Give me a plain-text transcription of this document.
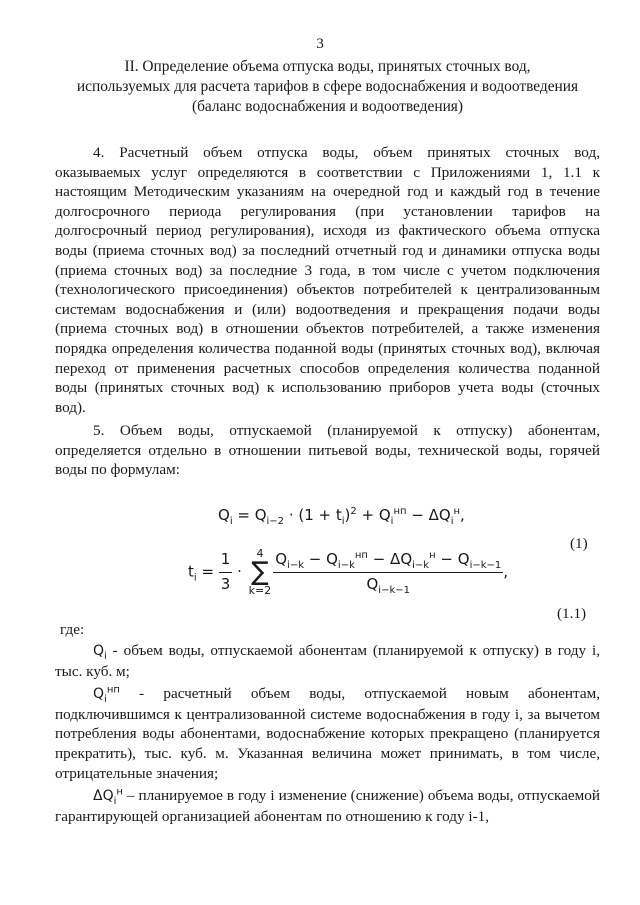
3
II. Определение объема отпуска воды, принятых сточных вод,
используемых для расчета тарифов в сфере водоснабжения и водоотведения
(баланс водоснабжения и водоотведения)

4. Расчетный объем отпуска воды, объем принятых сточных вод, оказываемых услуг определяются в соответствии с Приложениями 1, 1.1 к настоящим Методическим указаниям на очередной год и каждый год в течение долгосрочного периода регулирования (при установлении тарифов на долгосрочный период регулирования), исходя из фактического объема отпуска воды (приема сточных вод) за последний отчетный год и динамики отпуска воды (приема сточных вод) за последние 3 года, в том числе с учетом подключения (технологического присоединения) объектов потребителей к централизованным системам водоснабжения и (или) водоотведения и прекращения подачи воды (приема сточных вод) в отношении объектов потребителей, а также изменения порядка определения количества поданной воды (принятых сточных вод), включая переход от применения расчетных способов определения количества поданной воды (принятых сточных вод) к использованию приборов учета воды (сточных вод).

5. Объем воды, отпускаемой (планируемой к отпуску) абонентам, определяется отдельно в отношении питьевой воды, технической воды, горячей воды по формулам:

$Q_i = Q_{i-2} \cdot (1 + t_i)^2 + Q_i^{нп} - \Delta Q_i^н$,
(1)
$t_i = \frac{1}{3} \cdot 4$
∑
$k=2 \frac{Q_{i-k} - Q_{i-k}^{нп} - \Delta Q_{i-k}^н - Q_{i-k-1}}{Q_{i-k-1}}$ ,
(1.1)
где:

$Q_i$ - объем воды, отпускаемой абонентам (планируемой к отпуску) в году i, тыс. куб. м;

$Q_i^{нп}$ - расчетный объем воды, отпускаемой новым абонентам, подключившимся к централизованной системе водоснабжения в году i, за вычетом потребления воды абонентами, водоснабжение которых прекращено (планируется прекратить), тыс. куб. м. Указанная величина может принимать, в том числе, отрицательные значения;

$\Delta Q_i^н$ – планируемое в году i изменение (снижение) объема воды, отпускаемой гарантирующей организацией абонентам по отношению к году i-1,
